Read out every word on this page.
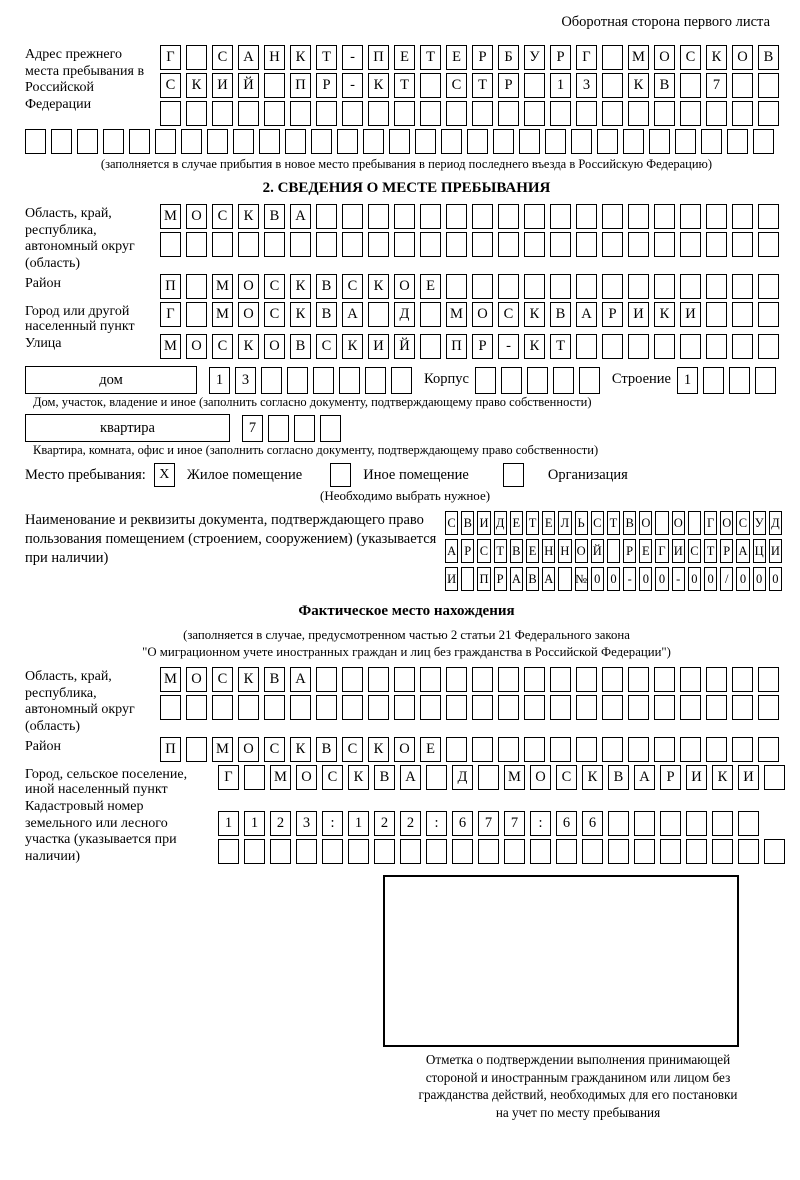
Оборотная сторона первого листа
Адрес прежнего места пребывания в Российской Федерации
Г	С	А	Н	К	Т	-	П	Е	Т	Е	Р	Б	У	Р	Г	М О	С	К	О	В
С	К	И	Й	П	Р	-	К	Т	С	Т	Р	1	3	К	В	7
(заполняется в случае прибытия в новое место пребывания в период последнего въезда в Российскую Федерацию)
2. СВЕДЕНИЯ О МЕСТЕ ПРЕБЫВАНИЯ
Область, край, республика, автономный округ (область)
М О	С	К	В	А
Район	П	М О	С	К	В	С	К	О	Е
Город или другой населенный пункт
Г	М О	С	К	В	А	Д	М О	С	К	В	А	Р	И	К	И
Улица	М О	С	К	О	В	С	К	И	Й	П	Р	-	К	Т
дом	1	3	Корпус	Строение 1
Дом, участок, владение и иное (заполнить согласно документу, подтверждающему право собственности)
квартира	7
Квартира, комната, офис и иное (заполнить согласно документу, подтверждающему право собственности)
Место пребывания: X	Жилое помещение	Иное помещение	Организация
(Необходимо выбрать нужное)
Наименование и реквизиты документа, подтверждающего право пользования помещением (строением, сооружением) (указывается при наличии)
С В И Д Е Т Е Л Ь С Т В О О Г О С У Д
А Р С Т В Е Н Н О Й Р Е Г И С Т Р А Ц И
И П Р А В А № 0 0 - 0 0 - 0 0 / 0 0 0
Фактическое место нахождения
(заполняется в случае, предусмотренном частью 2 статьи 21 Федерального закона
"О миграционном учете иностранных граждан и лиц без гражданства в Российской Федерации")
Область, край, республика, автономный округ (область)
М О	С	К	В	А
Район	П	М О	С	К	В	С	К	О	Е
Город, сельское поселение, иной населенный пункт
Г	М О	С	К	В	А	Д	М О	С	К	В	А	Р	И	К	И
Кадастровый номер земельного или лесного участка (указывается при наличии)
1	1	2	3	:	1	2	2	:	6	7	7	:	6	6
Отметка о подтверждении выполнения принимающей
стороной и иностранным гражданином или лицом без
гражданства действий, необходимых для его постановки
на учет по месту пребывания
